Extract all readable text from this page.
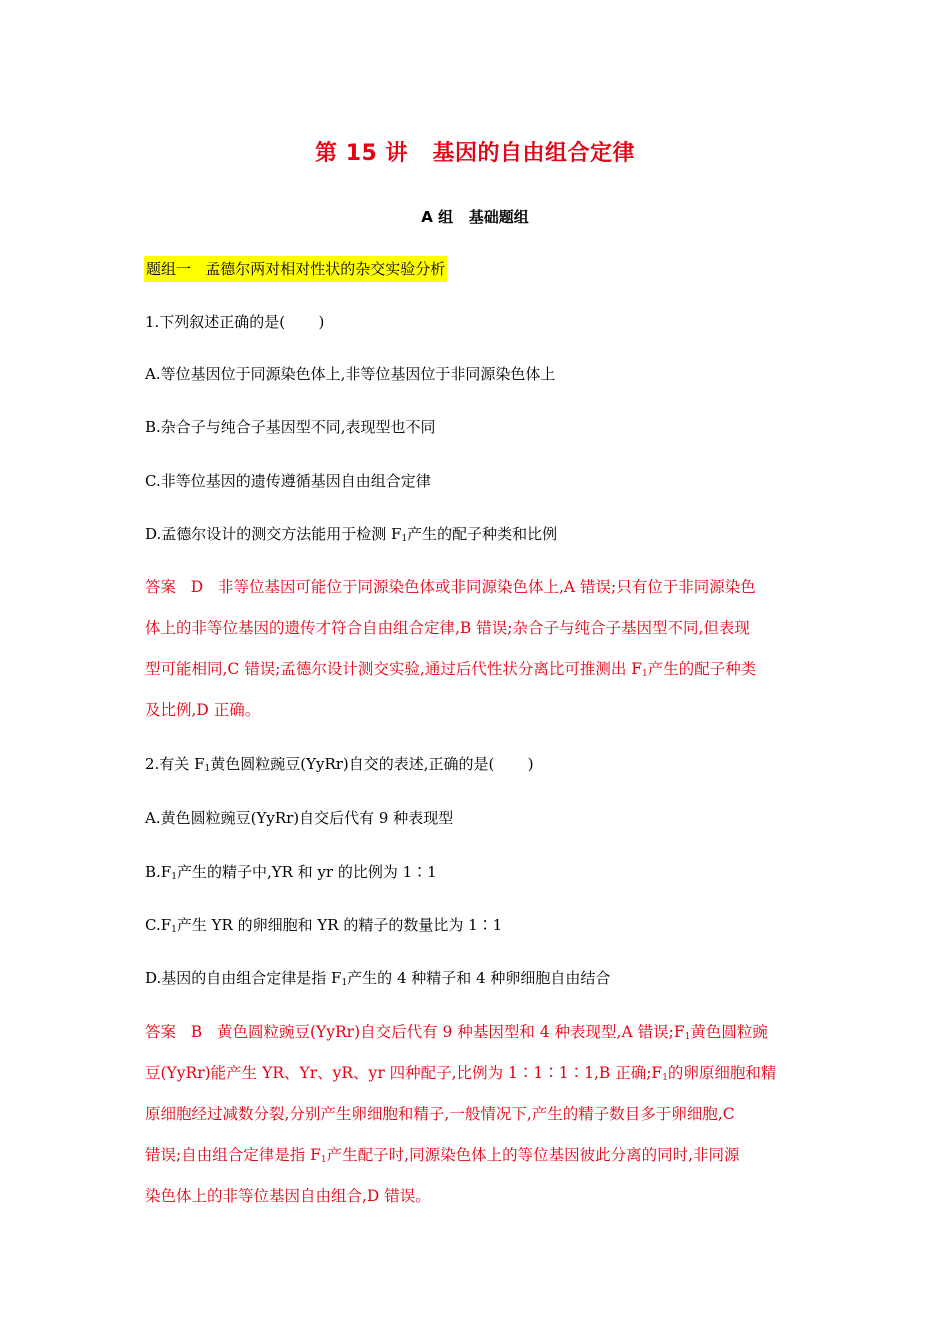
第 15 讲   基因的自由组合定律
A 组   基础题组
题组一   孟德尔两对相对性状的杂交实验分析
1.下列叙述正确的是(       )
A.等位基因位于同源染色体上,非等位基因位于非同源染色体上
B.杂合子与纯合子基因型不同,表现型也不同
C.非等位基因的遗传遵循基因自由组合定律
D.孟德尔设计的测交方法能用于检测 $F_1$产生的配子种类和比例
答案   D   非等位基因可能位于同源染色体或非同源染色体上,A 错误;只有位于非同源染色
体上的非等位基因的遗传才符合自由组合定律,B 错误;杂合子与纯合子基因型不同,但表现
型可能相同,C 错误;孟德尔设计测交实验,通过后代性状分离比可推测出 $F_1$产生的配子种类
及比例,D 正确。
2.有关 $F_1$黄色圆粒豌豆(YyRr)自交的表述,正确的是(       )
A.黄色圆粒豌豆(YyRr)自交后代有 9 种表现型
$B.F_1$产生的精子中,YR 和 yr 的比例为 1∶1
$C.F_1$产生 YR 的卵细胞和 YR 的精子的数量比为 1∶1
D.基因的自由组合定律是指 $F_1$产生的 4 种精子和 4 种卵细胞自由结合
答案   B   黄色圆粒豌豆(YyRr)自交后代有 9 种基因型和 4 种表现型,A 错误$;F_1$黄色圆粒豌
豆(YyRr)能产生 YR、Yr、yR、yr 四种配子,比例为 1∶1∶1∶1,B 正确$;F_1$的卵原细胞和精
原细胞经过减数分裂,分别产生卵细胞和精子,一般情况下,产生的精子数目多于卵细胞,C
错误;自由组合定律是指 $F_1$产生配子时,同源染色体上的等位基因彼此分离的同时,非同源
染色体上的非等位基因自由组合,D 错误。
